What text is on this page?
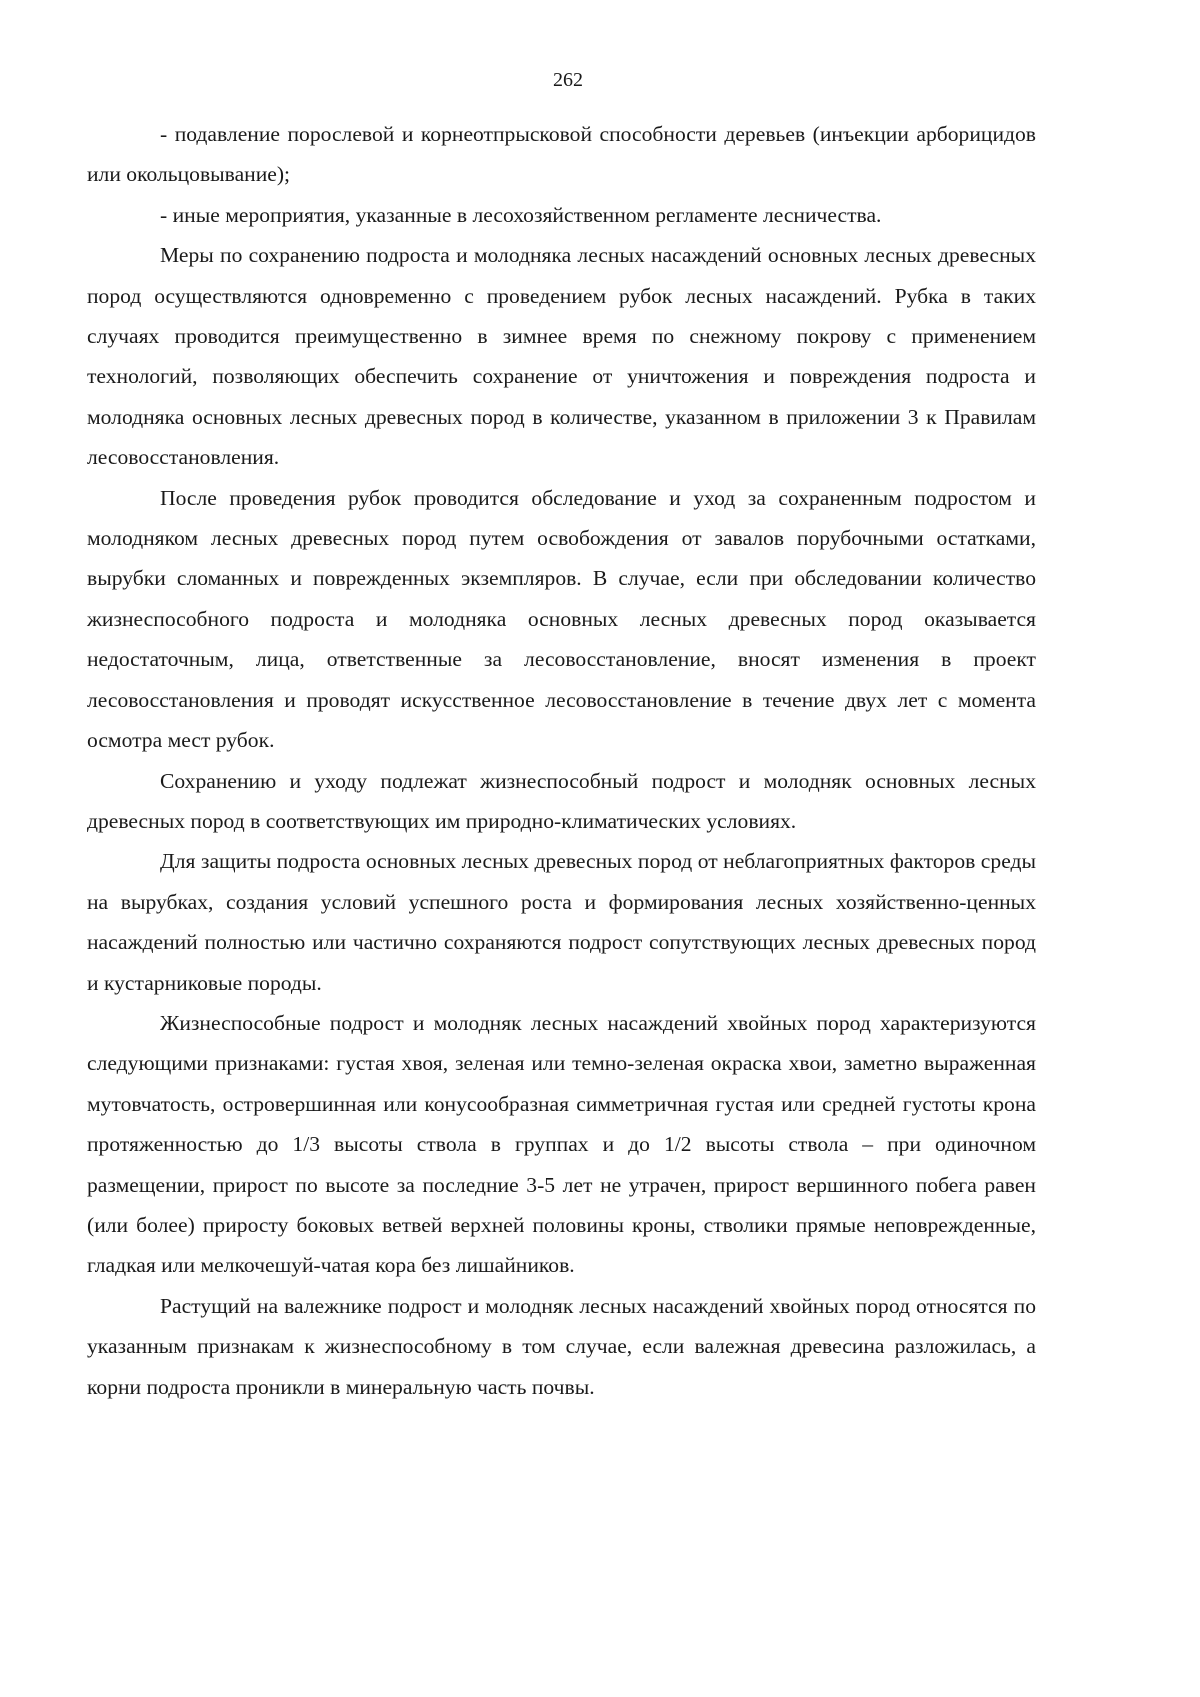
262

- подавление порослевой и корнеотпрысковой способности деревьев (инъекции арборицидов или окольцовывание);

- иные мероприятия, указанные в лесохозяйственном регламенте лесничества.

Меры по сохранению подроста и молодняка лесных насаждений основных лесных древесных пород осуществляются одновременно с проведением рубок лесных насаждений. Рубка в таких случаях проводится преимущественно в зимнее время по снежному покрову с применением технологий, позволяющих обеспечить сохранение от уничтожения и повреждения подроста и молодняка основных лесных древесных пород в количестве, указанном в приложении 3 к Правилам лесовосстановления.

После проведения рубок проводится обследование и уход за сохраненным подростом и молодняком лесных древесных пород путем освобождения от завалов порубочными остатками, вырубки сломанных и поврежденных экземпляров. В случае, если при обследовании количество жизнеспособного подроста и молодняка основных лесных древесных пород оказывается недостаточным, лица, ответственные за лесовосстановление, вносят изменения в проект лесовосстановления и проводят искусственное лесовосстановление в течение двух лет с момента осмотра мест рубок.

Сохранению и уходу подлежат жизнеспособный подрост и молодняк основных лесных древесных пород в соответствующих им природно-климатических условиях.

Для защиты подроста основных лесных древесных пород от неблагоприятных факторов среды на вырубках, создания условий успешного роста и формирования лесных хозяйственно-ценных насаждений полностью или частично сохраняются подрост сопутствующих лесных древесных пород и кустарниковые породы.

Жизнеспособные подрост и молодняк лесных насаждений хвойных пород характеризуются следующими признаками: густая хвоя, зеленая или темно-зеленая окраска хвои, заметно выраженная мутовчатость, островершинная или конусообразная симметричная густая или средней густоты крона протяженностью до 1/3 высоты ствола в группах и до 1/2 высоты ствола – при одиночном размещении, прирост по высоте за последние 3-5 лет не утрачен, прирост вершинного побега равен (или более) приросту боковых ветвей верхней половины кроны, стволики прямые неповрежденные, гладкая или мелкочешуй-чатая кора без лишайников.

Растущий на валежнике подрост и молодняк лесных насаждений хвойных пород относятся по указанным признакам к жизнеспособному в том случае, если валежная древесина разложилась, а корни подроста проникли в минеральную часть почвы.
